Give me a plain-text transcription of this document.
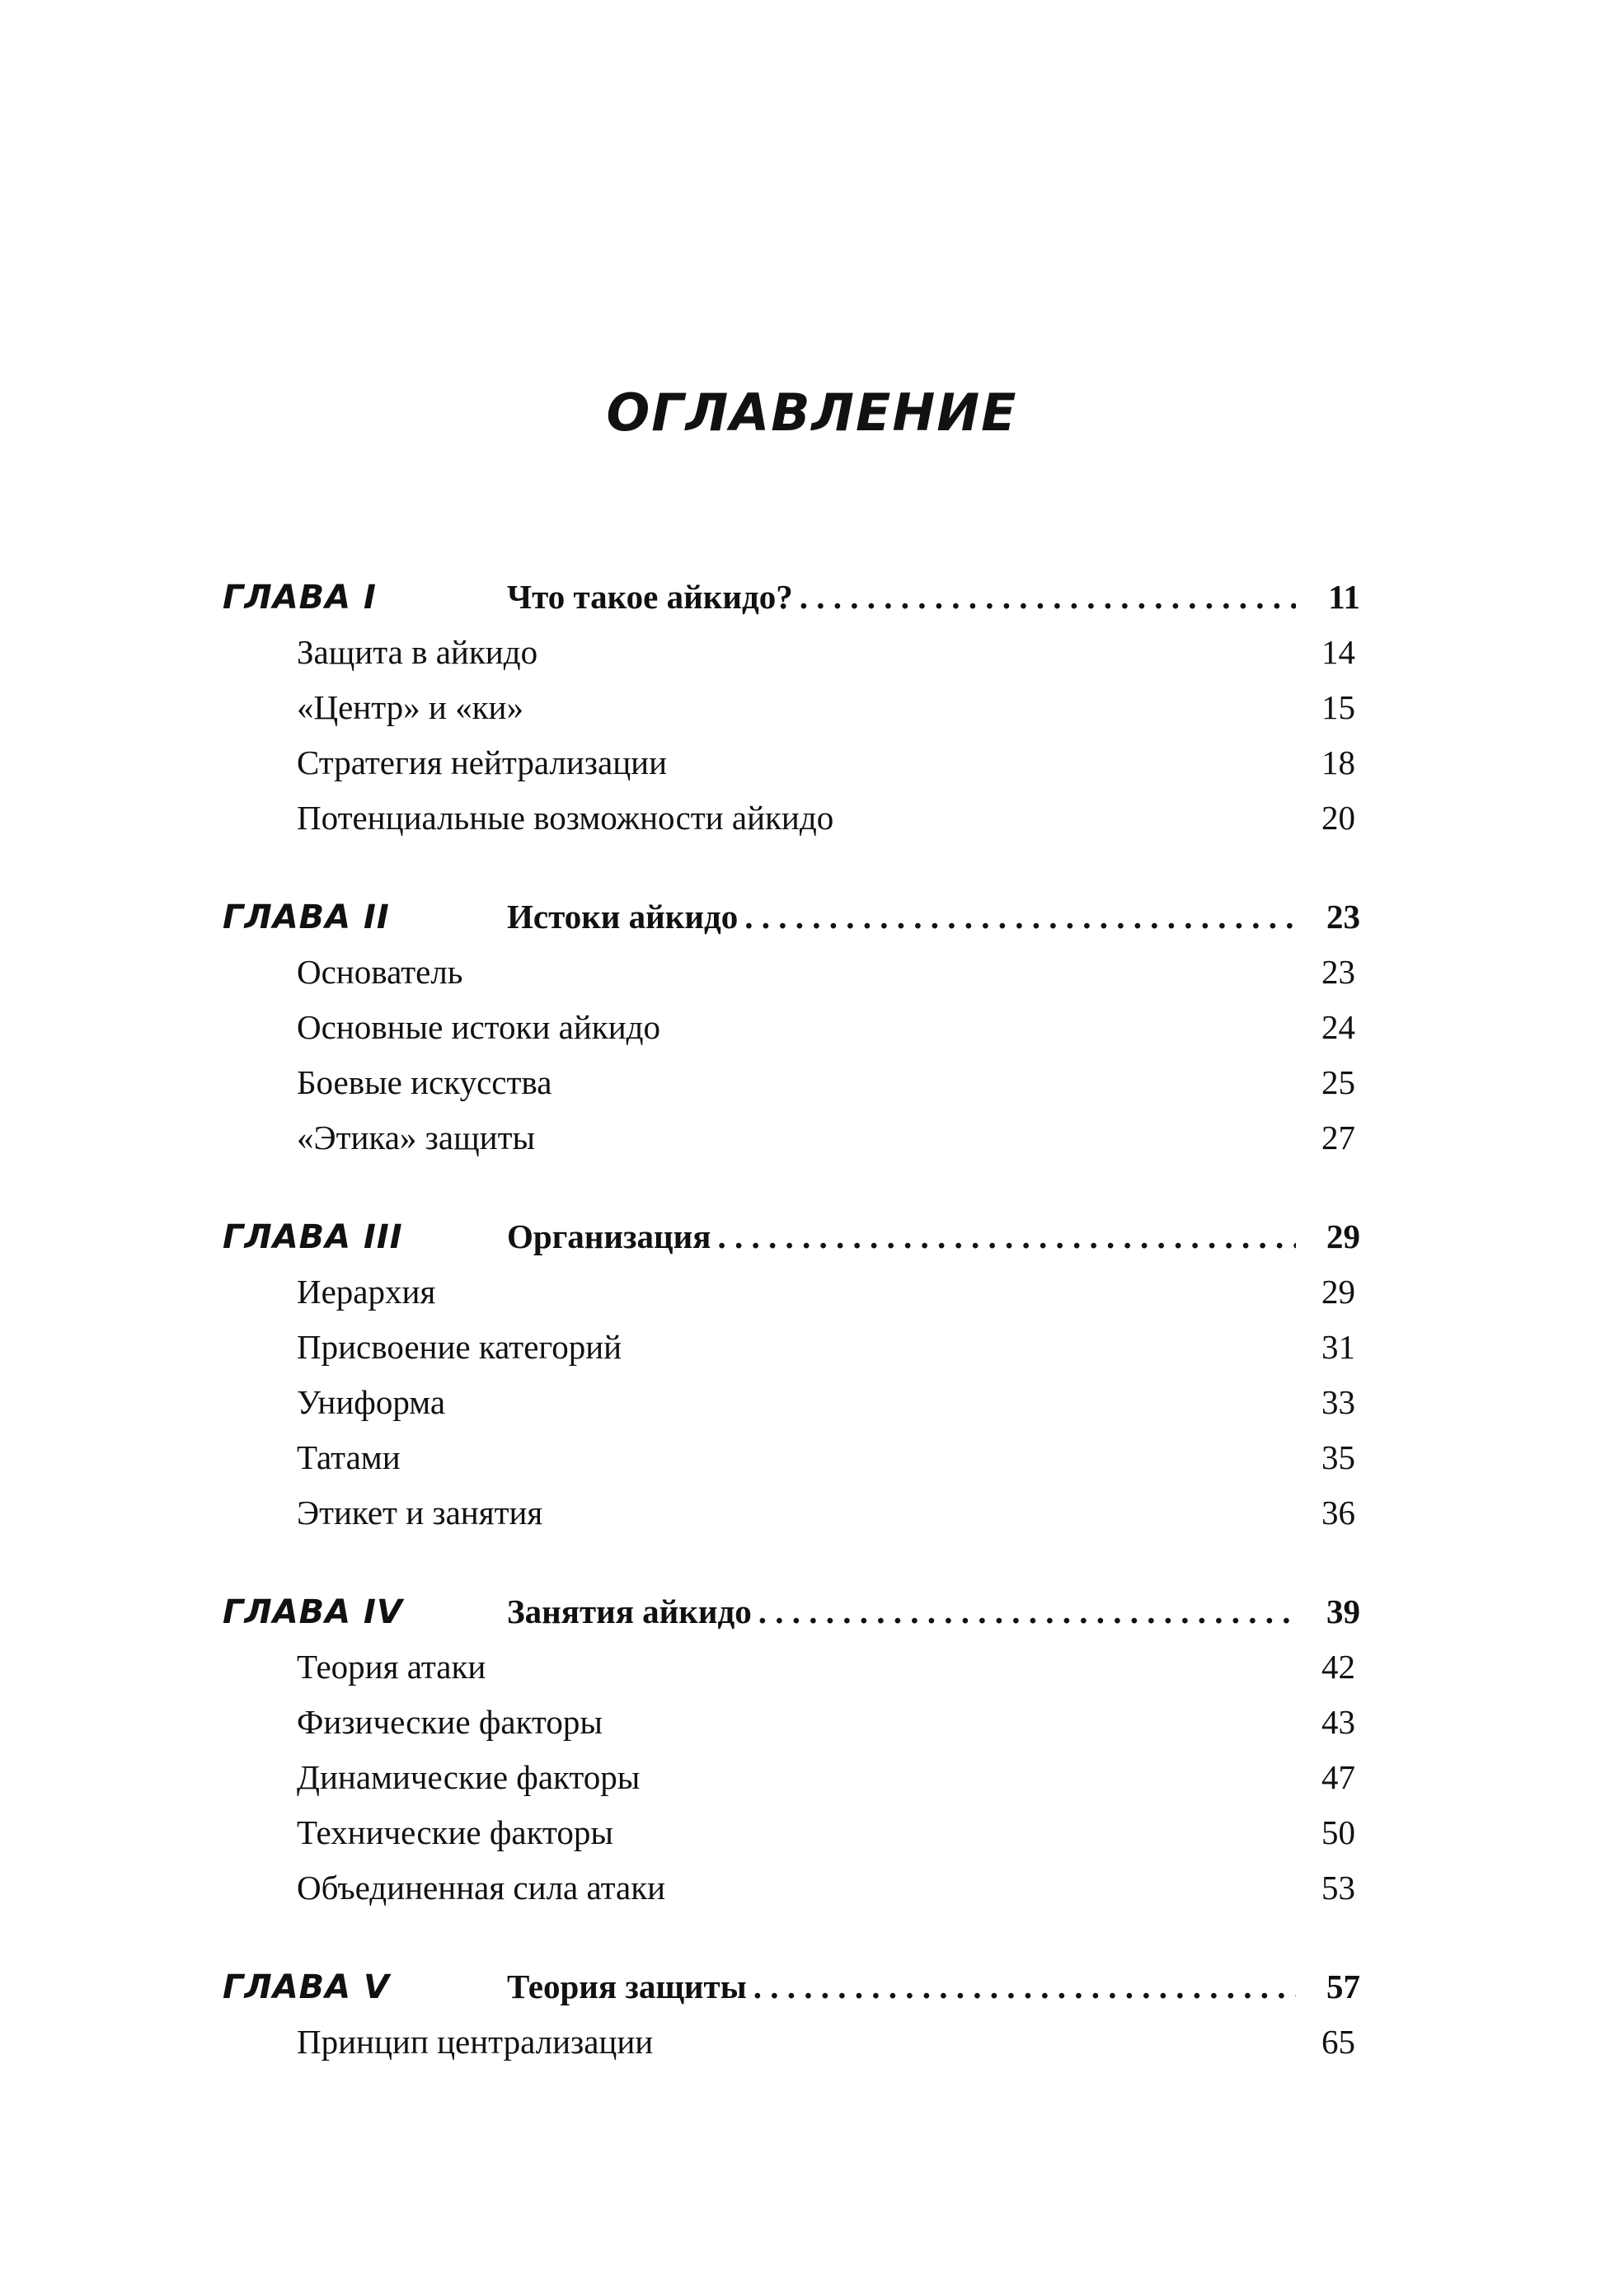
ОГЛАВЛЕНИЕ
ГЛАВА I	Что такое айкидо? . . .	11
Защита в айкидо	14
«Центр» и «ки»	15
Стратегия нейтрализации	18
Потенциальные возможности айкидо	20
ГЛАВА II	Истоки айкидо . . .	23
Основатель	23
Основные истоки айкидо	24
Боевые искусства	25
«Этика» защиты	27
ГЛАВА III	Организация . . .	29
Иерархия	29
Присвоение категорий	31
Униформа	33
Татами	35
Этикет и занятия	36
ГЛАВА IV	Занятия айкидо . . .	39
Теория атаки	42
Физические факторы	43
Динамические факторы	47
Технические факторы	50
Объединенная сила атаки	53
ГЛАВА V	Теория защиты . . .	57
Принцип централизации	65
